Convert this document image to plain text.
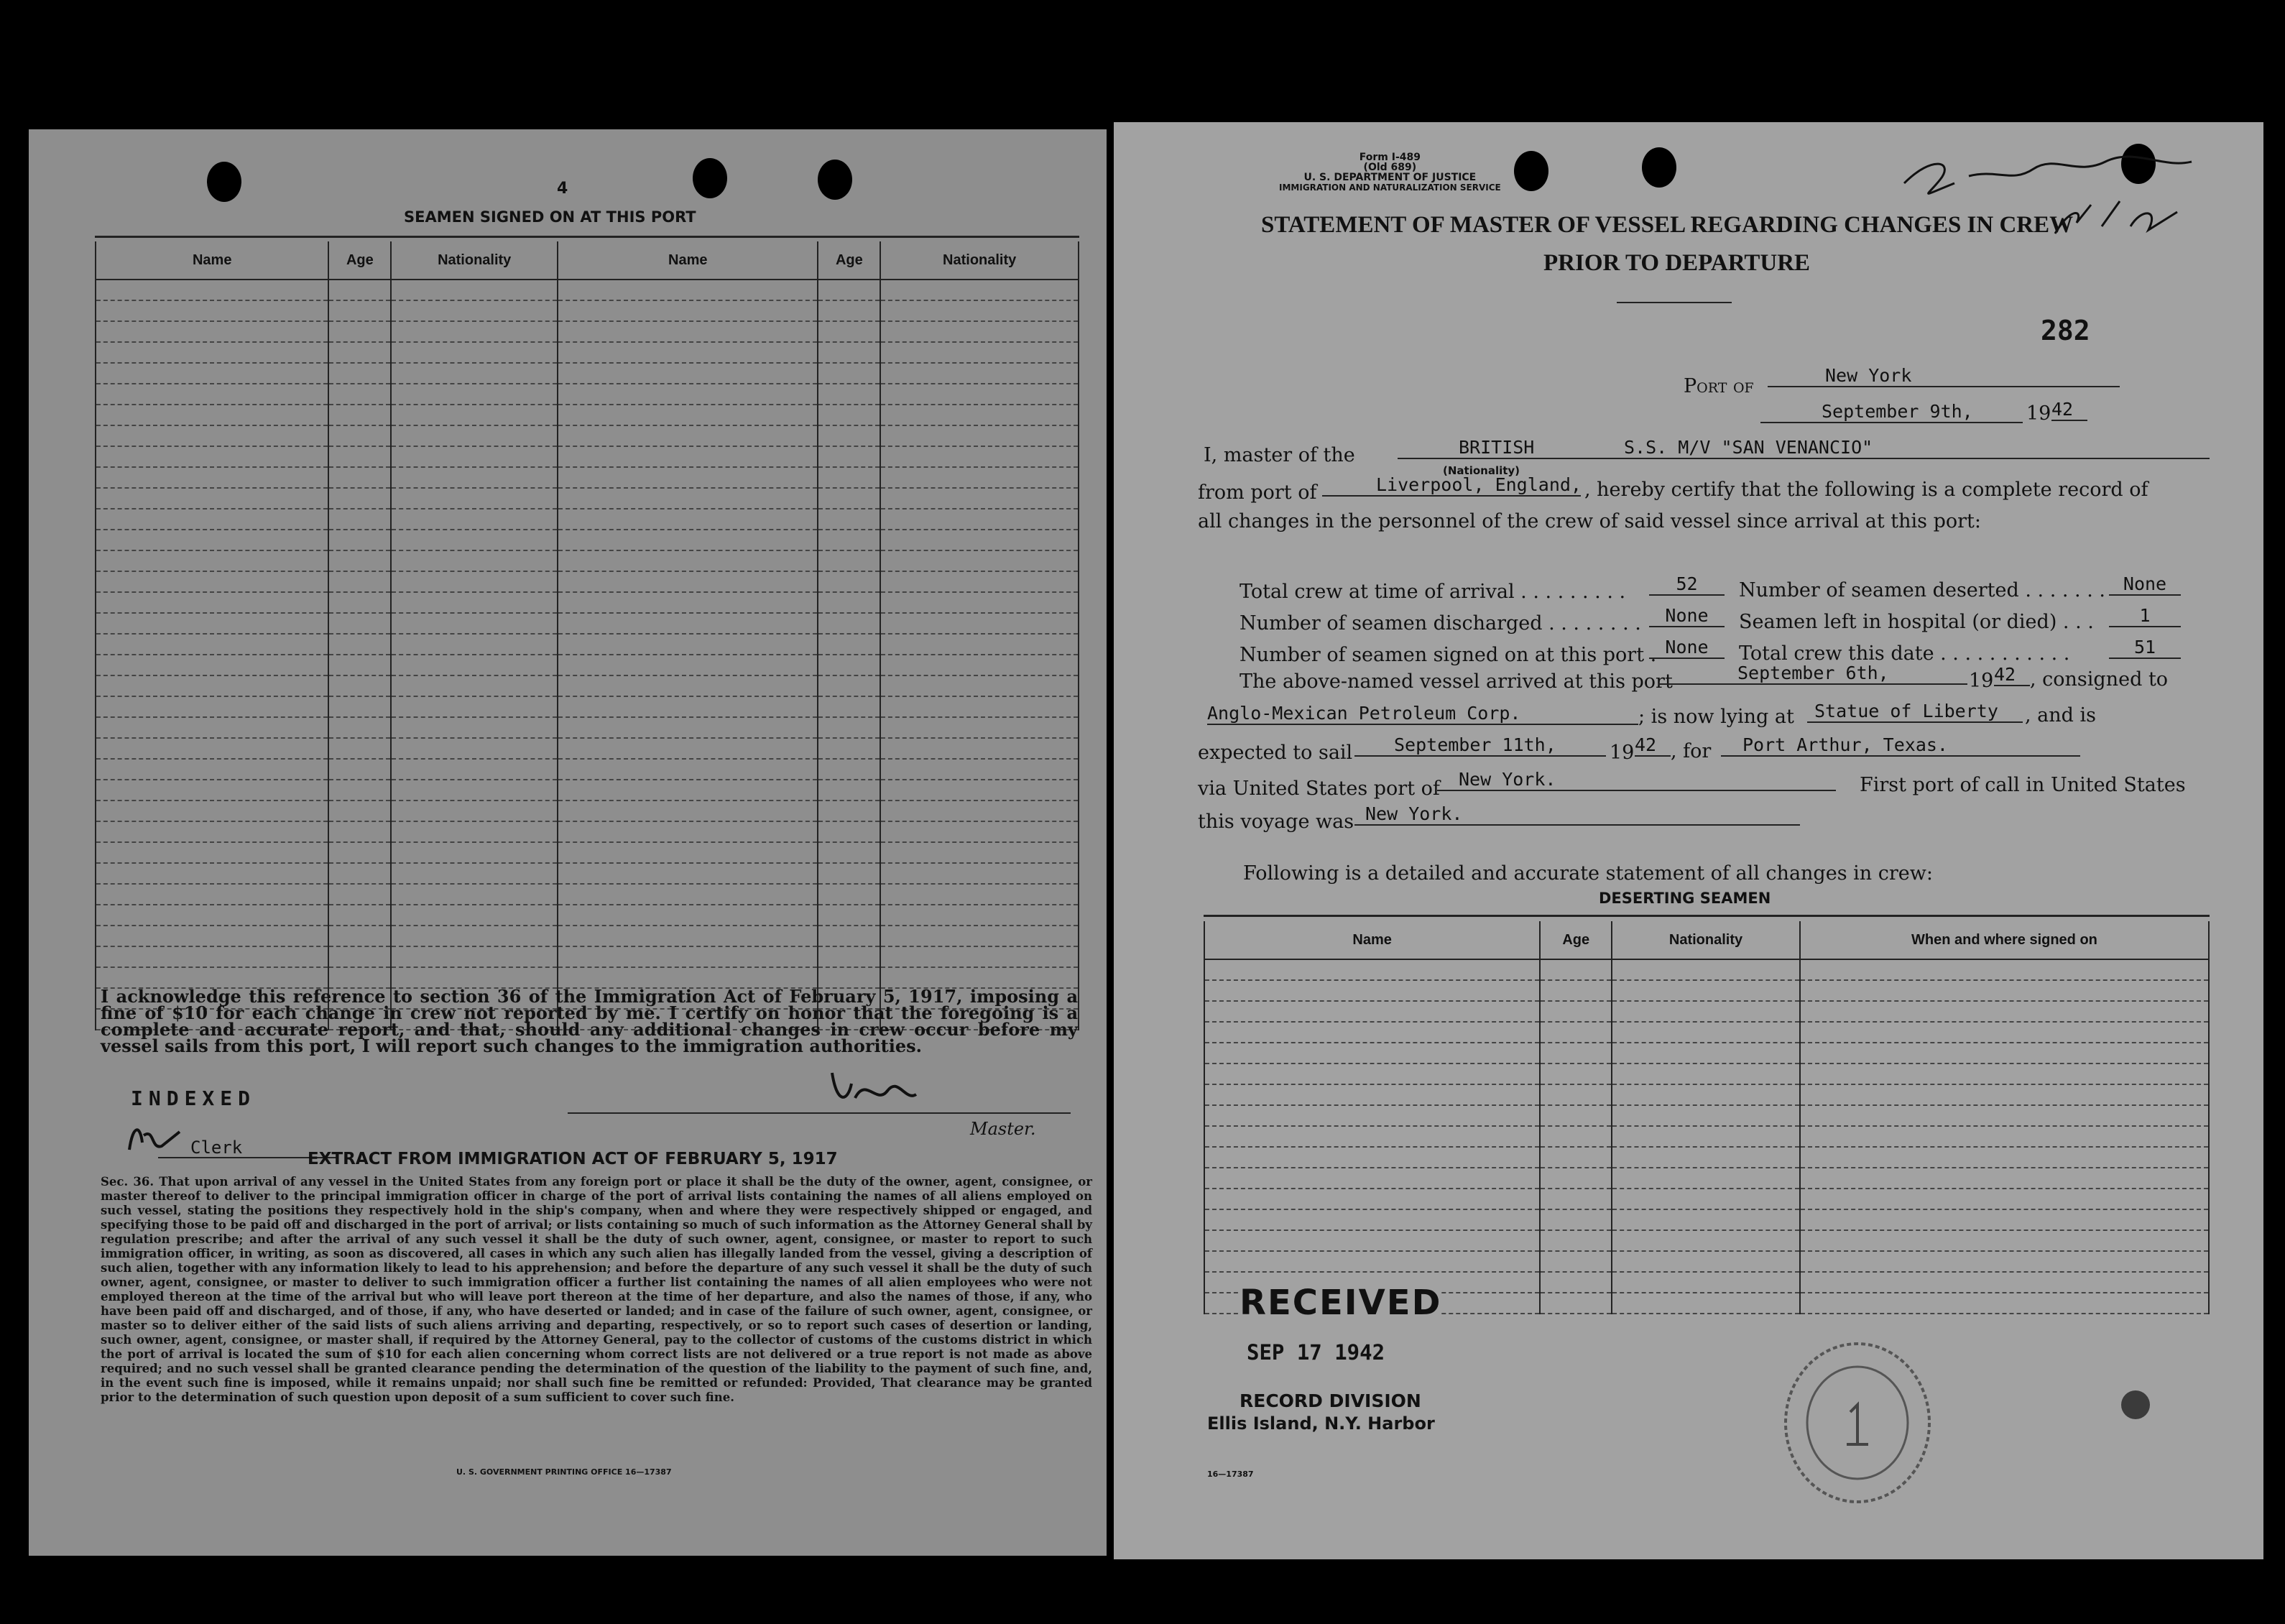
4
SEAMEN SIGNED ON AT THIS PORT
Name	Age	Nationality	Name	Age	Nationality

I acknowledge this reference to section 36 of the Immigration Act of February 5, 1917, imposing a fine of $10 for each change in crew not reported by me. I certify on honor that the foregoing is a complete and accurate report, and that, should any additional changes in crew occur before my vessel sails from this port, I will report such changes to the immigration authorities.
INDEXED
Master.
Clerk
EXTRACT FROM IMMIGRATION ACT OF FEBRUARY 5, 1917
Sec. 36. That upon arrival of any vessel in the United States from any foreign port or place it shall be the duty of the owner, agent, consignee, or master thereof to deliver to the principal immigration officer in charge of the port of arrival lists containing the names of all aliens employed on such vessel, stating the positions they respectively hold in the ship's company, when and where they were respectively shipped or engaged, and specifying those to be paid off and discharged in the port of arrival; or lists containing so much of such information as the Attorney General shall by regulation prescribe; and after the arrival of any such vessel it shall be the duty of such owner, agent, consignee, or master to report to such immigration officer, in writing, as soon as discovered, all cases in which any such alien has illegally landed from the vessel, giving a description of such alien, together with any information likely to lead to his apprehension; and before the departure of any such vessel it shall be the duty of such owner, agent, consignee, or master to deliver to such immigration officer a further list containing the names of all alien employees who were not employed thereon at the time of the arrival but who will leave port thereon at the time of her departure, and also the names of those, if any, who have been paid off and discharged, and of those, if any, who have deserted or landed; and in case of the failure of such owner, agent, consignee, or master so to deliver either of the said lists of such aliens arriving and departing, respectively, or so to report such cases of desertion or landing, such owner, agent, consignee, or master shall, if required by the Attorney General, pay to the collector of customs of the customs district in which the port of arrival is located the sum of $10 for each alien concerning whom correct lists are not delivered or a true report is not made as above required; and no such vessel shall be granted clearance pending the determination of the question of the liability to the payment of such fine, and, in the event such fine is imposed, while it remains unpaid; nor shall such fine be remitted or refunded: Provided, That clearance may be granted prior to the determination of such question upon deposit of a sum sufficient to cover such fine.
U. S. GOVERNMENT PRINTING OFFICE 16—17387
Form I-489
(Old 689)
U. S. DEPARTMENT OF JUSTICE
IMMIGRATION AND NATURALIZATION SERVICE
STATEMENT OF MASTER OF VESSEL REGARDING CHANGES IN CREW
PRIOR TO DEPARTURE
282
Port of	New York
September 9th,	19 42
I, master of the	BRITISH
(Nationality)
S.S. M/V "SAN VENANCIO"
from port of	Liverpool, England, , hereby certify that the following is a complete record of
all changes in the personnel of the crew of said vessel since arrival at this port:
Total crew at time of arrival . . . . . . . . .	52	Number of seamen deserted . . . . . . . None
Number of seamen discharged . . . . . . . .	None	Seamen left in hospital (or died) . . .	1
Number of seamen signed on at this port . None	Total crew this date . . . . . . . . . . .	51
The above-named vessel arrived at this port	September 6th,	19 42 , consigned to
Anglo-Mexican Petroleum Corp.	; is now lying at	Statue of Liberty	, and is
expected to sail	September 11th,	19 42 , for	Port Arthur, Texas.
via United States port of	New York.	First port of call in United States
this voyage was New York.
Following is a detailed and accurate statement of all changes in crew:
DESERTING SEAMEN
Name	Age	Nationality	When and where signed on

RECEIVED
SEP 17 1942
RECORD DIVISION
Ellis Island, N.Y. Harbor
16—17387
